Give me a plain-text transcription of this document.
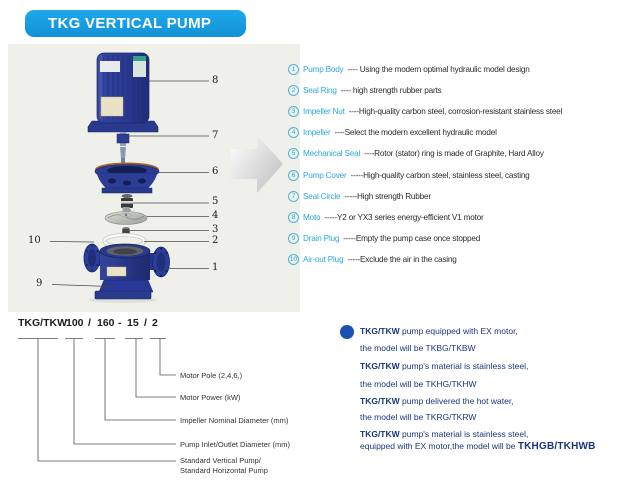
TKG VERTICAL PUMP
8
7
6
5
4
3
2
1
10
9
1 Pump Body ---- Using the modern optimal hydraulic model design
2 Seal Ring ---- high strength rubber parts
3 Impeller Nut ----High-quality carbon steel, corrosion-resistant stainless steel
4 Impeller ----Select the modern excellent hydraulic model
5 Mechanical Seal ----Rotor (stator) ring is made of Graphite, Hard Alloy
6 Pump Cover -----High-quality carbon steel, stainless steel, casting
7 Seal Circle -----High strength Rubber
8 Moto -----Y2 or YX3 series energy-efficient V1 motor
9 Drain Plug -----Empty the pump case once stopped
10 Air-out Plug -----Exclude the air in the casing
TKG/TKW 100 / 160 - 15 / 2
Motor Pole (2,4,6,)
Motor Power (kW)
Impeller Nominal Diameter (mm)
Pump Inlet/Outlet Diameter (mm)
Standard Vertical Pump/
Standard Horizontal Pump
TKG/TKW pump equipped with EX motor,
the model will be TKBG/TKBW
TKG/TKW pump's material is stainless steel,
the model will be TKHG/TKHW
TKG/TKW pump delivered the hot water,
the model will be TKRG/TKRW
TKG/TKW pump's material is stainless steel,
equipped with EX motor,the model will be TKHGB/TKHWB
